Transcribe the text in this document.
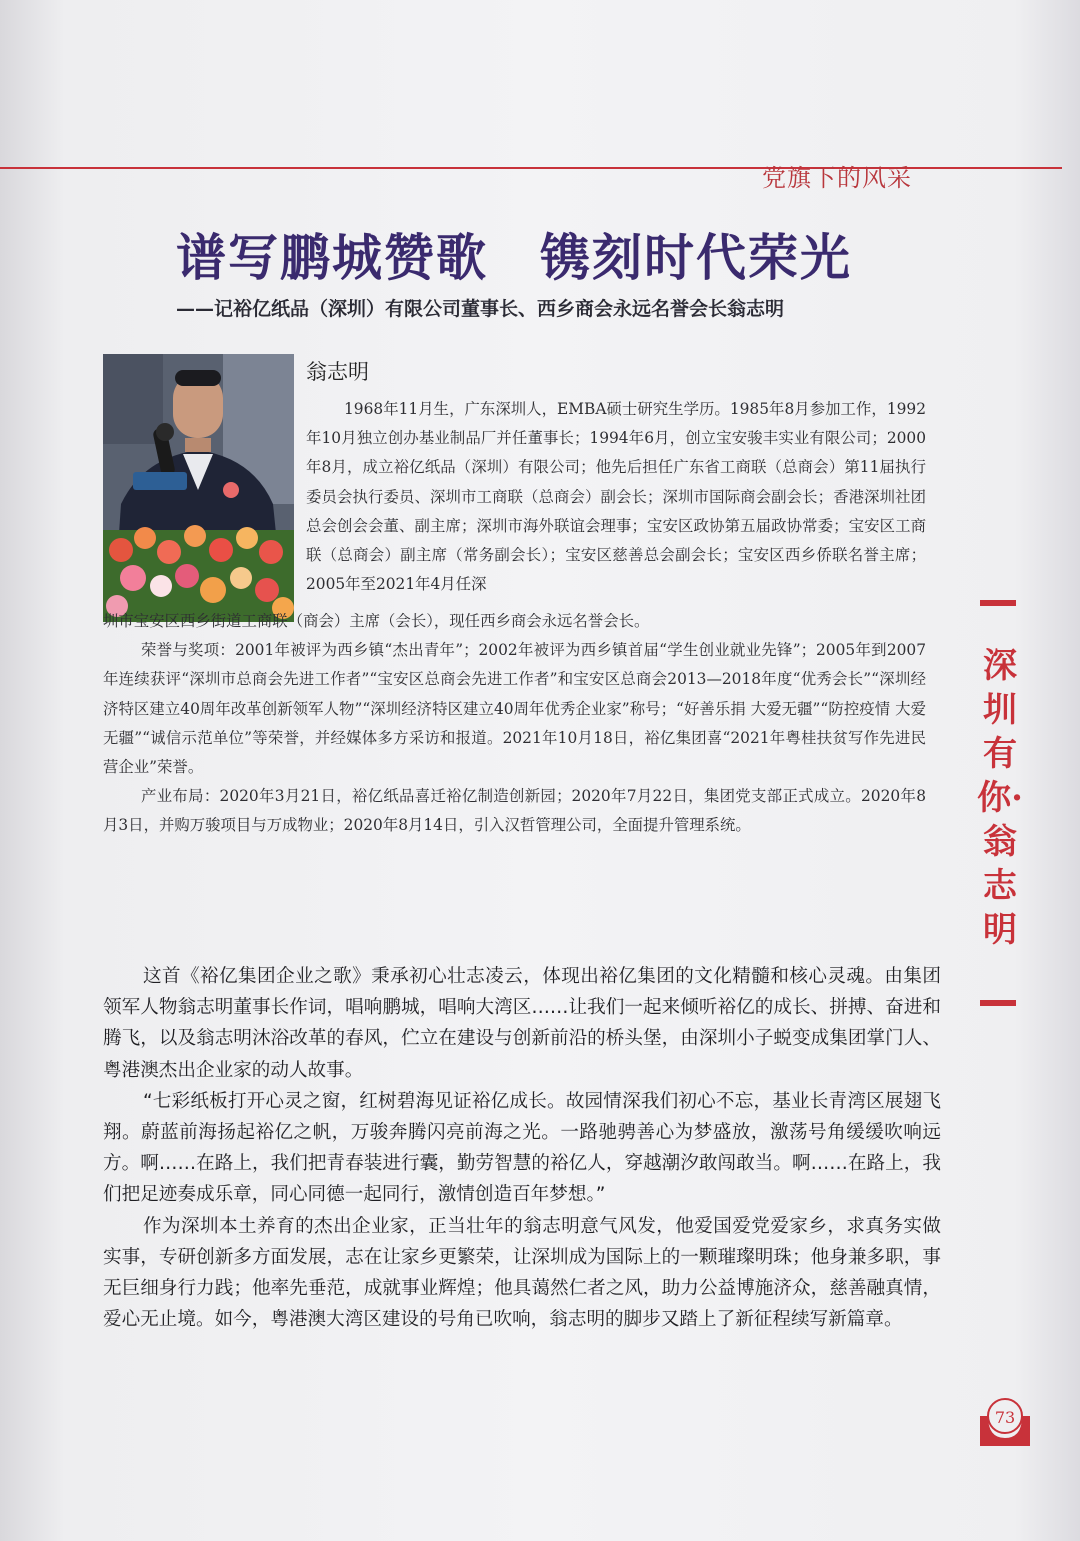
党旗下的风采
谱写鹏城赞歌　镌刻时代荣光
——记裕亿纸品（深圳）有限公司董事长、西乡商会永远名誉会长翁志明
翁志明

1968年11月生，广东深圳人，EMBA硕士研究生学历。1985年8月参加工作，1992年10月独立创办基业制品厂并任董事长；1994年6月，创立宝安骏丰实业有限公司；2000年8月，成立裕亿纸品（深圳）有限公司；他先后担任广东省工商联（总商会）第11届执行委员会执行委员、深圳市工商联（总商会）副会长；深圳市国际商会副会长；香港深圳社团总会创会会董、副主席；深圳市海外联谊会理事；宝安区政协第五届政协常委；宝安区工商联（总商会）副主席（常务副会长）；宝安区慈善总会副会长；宝安区西乡侨联名誉主席；2005年至2021年4月任深

圳市宝安区西乡街道工商联（商会）主席（会长），现任西乡商会永远名誉会长。

荣誉与奖项：2001年被评为西乡镇“杰出青年”；2002年被评为西乡镇首届“学生创业就业先锋”；2005年到2007年连续获评“深圳市总商会先进工作者”“宝安区总商会先进工作者”和宝安区总商会2013—2018年度“优秀会长”“深圳经济特区建立40周年改革创新领军人物”“深圳经济特区建立40周年优秀企业家”称号；“好善乐捐 大爱无疆”“防控疫情 大爱无疆”“诚信示范单位”等荣誉，并经媒体多方采访和报道。2021年10月18日，裕亿集团喜“2021年粤桂扶贫写作先进民营企业”荣誉。

产业布局：2020年3月21日，裕亿纸品喜迁裕亿制造创新园；2020年7月22日，集团党支部正式成立。2020年8月3日，并购万骏项目与万成物业；2020年8月14日，引入汉哲管理公司，全面提升管理系统。

这首《裕亿集团企业之歌》秉承初心壮志凌云，体现出裕亿集团的文化精髓和核心灵魂。由集团领军人物翁志明董事长作词，唱响鹏城，唱响大湾区……让我们一起来倾听裕亿的成长、拼搏、奋进和腾飞，以及翁志明沐浴改革的春风，伫立在建设与创新前沿的桥头堡，由深圳小子蜕变成集团掌门人、粤港澳杰出企业家的动人故事。

“七彩纸板打开心灵之窗，红树碧海见证裕亿成长。故园情深我们初心不忘，基业长青湾区展翅飞翔。蔚蓝前海扬起裕亿之帆，万骏奔腾闪亮前海之光。一路驰骋善心为梦盛放，激荡号角缓缓吹响远方。啊……在路上，我们把青春装进行囊，勤劳智慧的裕亿人，穿越潮汐敢闯敢当。啊……在路上，我们把足迹奏成乐章，同心同德一起同行，激情创造百年梦想。”

作为深圳本土养育的杰出企业家，正当壮年的翁志明意气风发，他爱国爱党爱家乡，求真务实做实事，专研创新多方面发展，志在让家乡更繁荣，让深圳成为国际上的一颗璀璨明珠；他身兼多职，事无巨细身行力践；他率先垂范，成就事业辉煌；他具蔼然仁者之风，助力公益博施济众，慈善融真情，爱心无止境。如今，粤港澳大湾区建设的号角已吹响，翁志明的脚步又踏上了新征程续写新篇章。

深圳有你·翁志明
73
